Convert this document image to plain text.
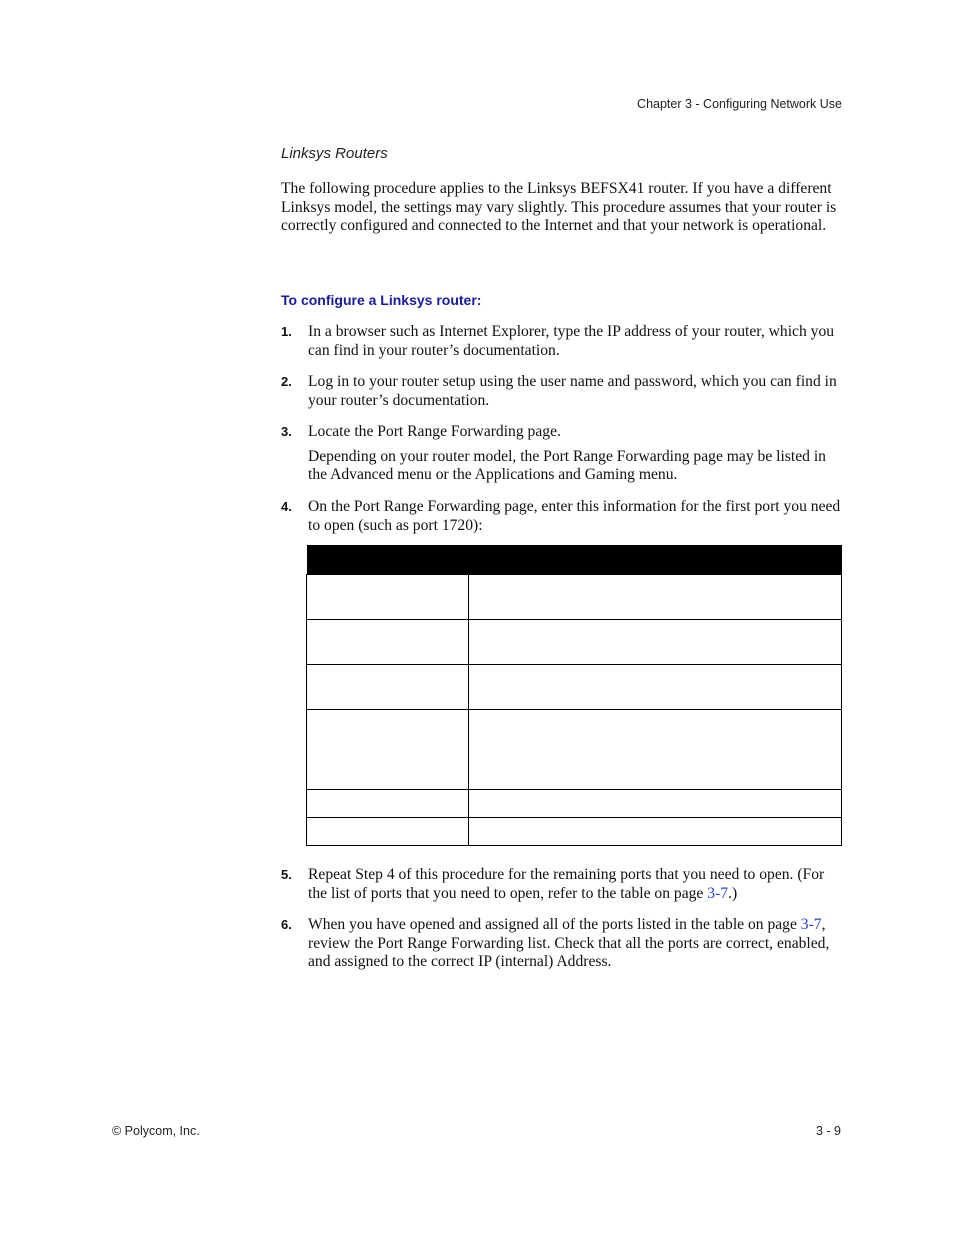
Chapter 3 - Configuring Network Use
Linksys Routers

The following procedure applies to the Linksys BEFSX41 router. If you have a different Linksys model, the settings may vary slightly. This procedure assumes that your router is correctly configured and connected to the Internet and that your network is operational.

To configure a Linksys router:
1. In a browser such as Internet Explorer, type the IP address of your router, which you can find in your router’s documentation.
2. Log in to your router setup using the user name and password, which you can find in your router’s documentation.
3. Locate the Port Range Forwarding page.
Depending on your router model, the Port Range Forwarding page may be listed in the Advanced menu or the Applications and Gaming menu.
4. On the Port Range Forwarding page, enter this information for the first port you need to open (such as port 1720):

5. Repeat Step 4 of this procedure for the remaining ports that you need to open. (For the list of ports that you need to open, refer to the table on page 3-7.)
6. When you have opened and assigned all of the ports listed in the table on page 3-7, review the Port Range Forwarding list. Check that all the ports are correct, enabled, and assigned to the correct IP (internal) Address.
© Polycom, Inc.	3 - 9
